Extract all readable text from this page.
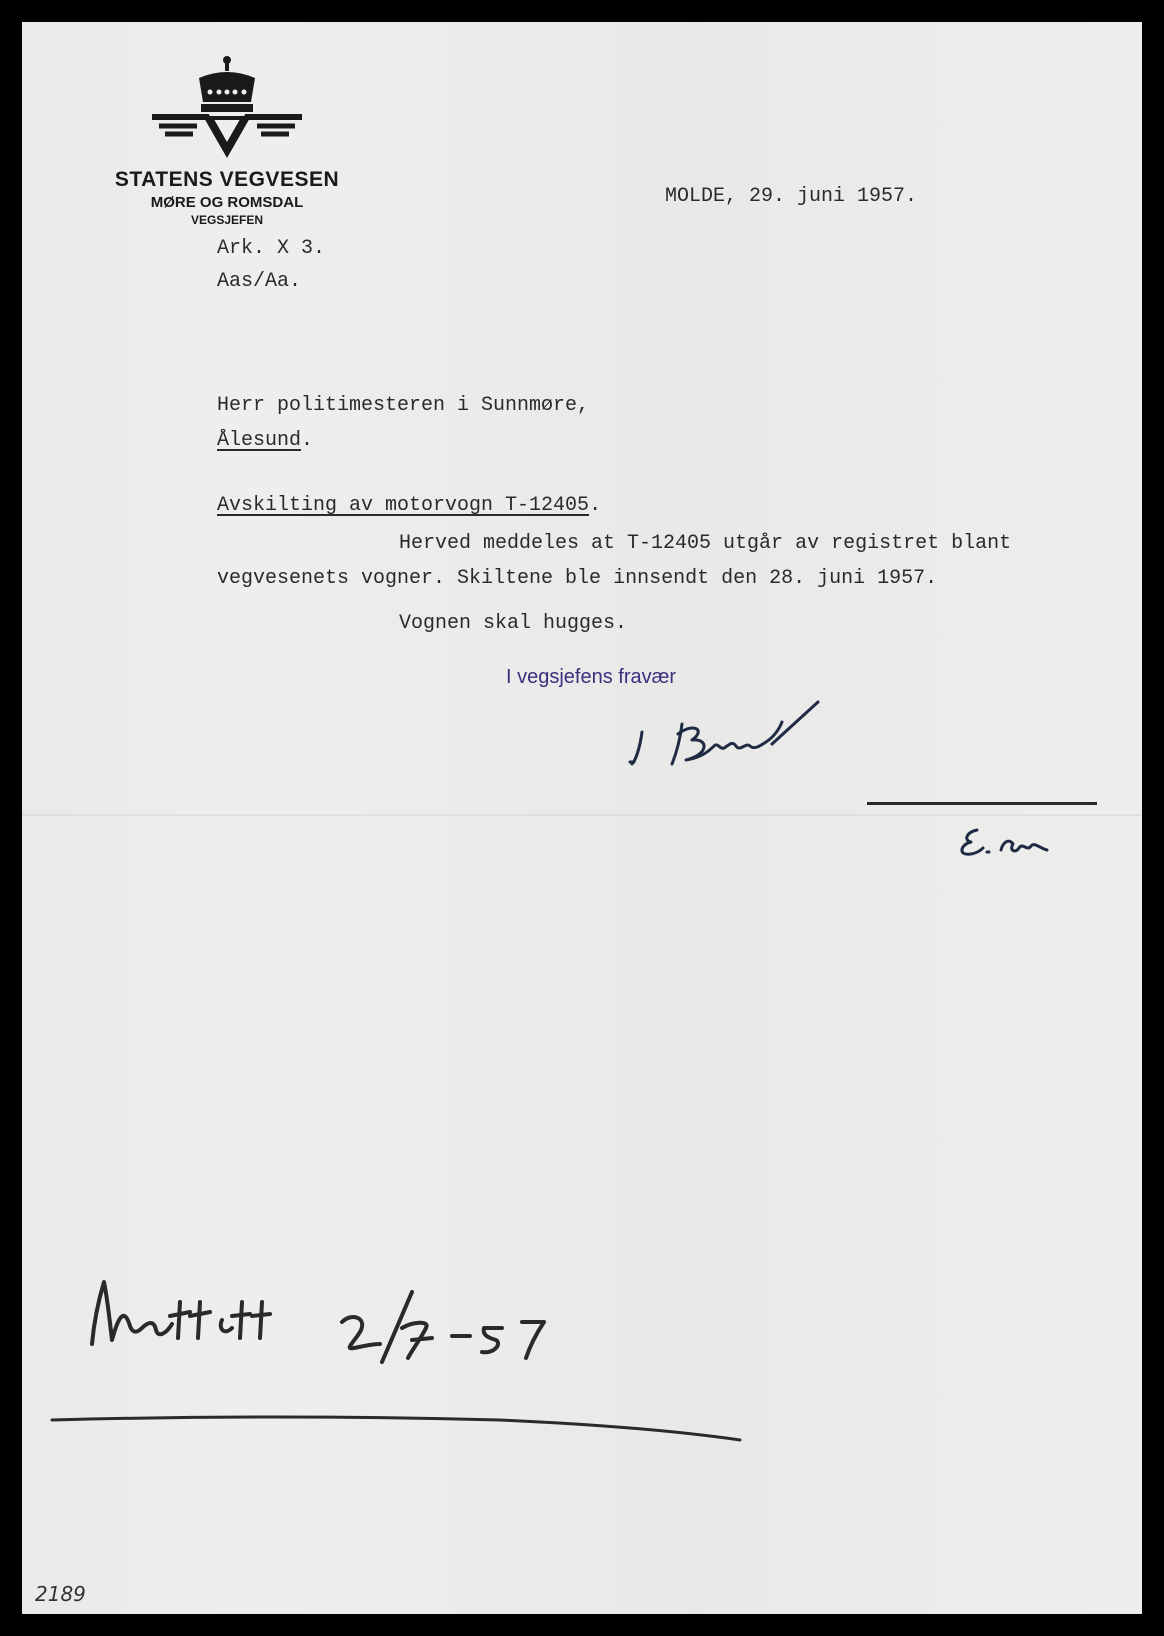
STATENS VEGVESEN
MØRE OG ROMSDAL
VEGSJEFEN
MOLDE, 29. juni 1957.
Ark. X 3.
Aas/Aa.
Herr politimesteren i Sunnmøre,
Ålesund.
Avskilting av motorvogn T-12405.
Herved meddeles at T-12405 utgår av registret blant
vegvesenets vogner. Skiltene ble innsendt den 28. juni 1957.
Vognen skal hugges.
I vegsjefens fravær
2189
